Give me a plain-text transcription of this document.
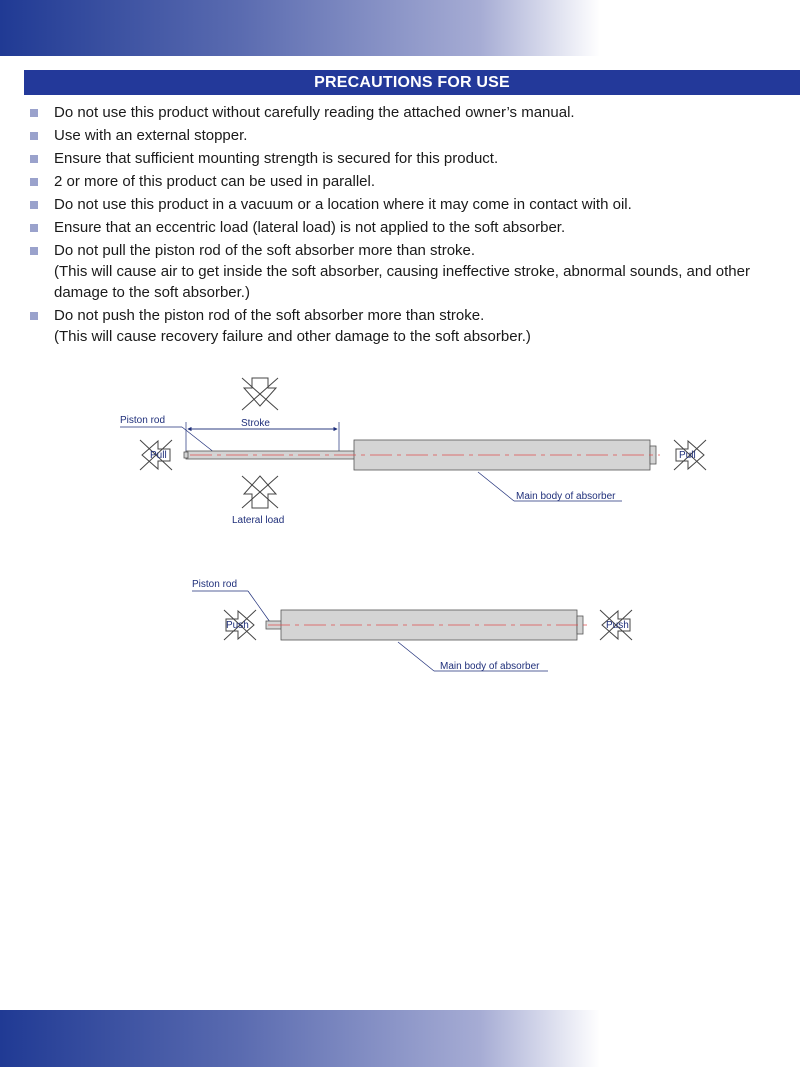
PRECAUTIONS FOR USE
Do not use this product without carefully reading the attached owner’s manual.
Use with an external stopper.
Ensure that sufficient mounting strength is secured for this product.
2 or more of this product can be used in parallel.
Do not use this product in a vacuum or a location where it may come in contact with oil.
Ensure that an eccentric load (lateral load) is not applied to the soft absorber.
Do not pull the piston rod of the soft absorber more than stroke.
(This will cause air to get inside the soft absorber, causing ineffective stroke, abnormal sounds, and other damage to the soft absorber.)
Do not push the piston rod of the soft absorber more than stroke.
(This will cause recovery failure and other damage to the soft absorber.)
Piston rod	Stroke
Pull	Pull
Lateral load
Main body of absorber
Piston rod
Push	Push
Main body of absorber
